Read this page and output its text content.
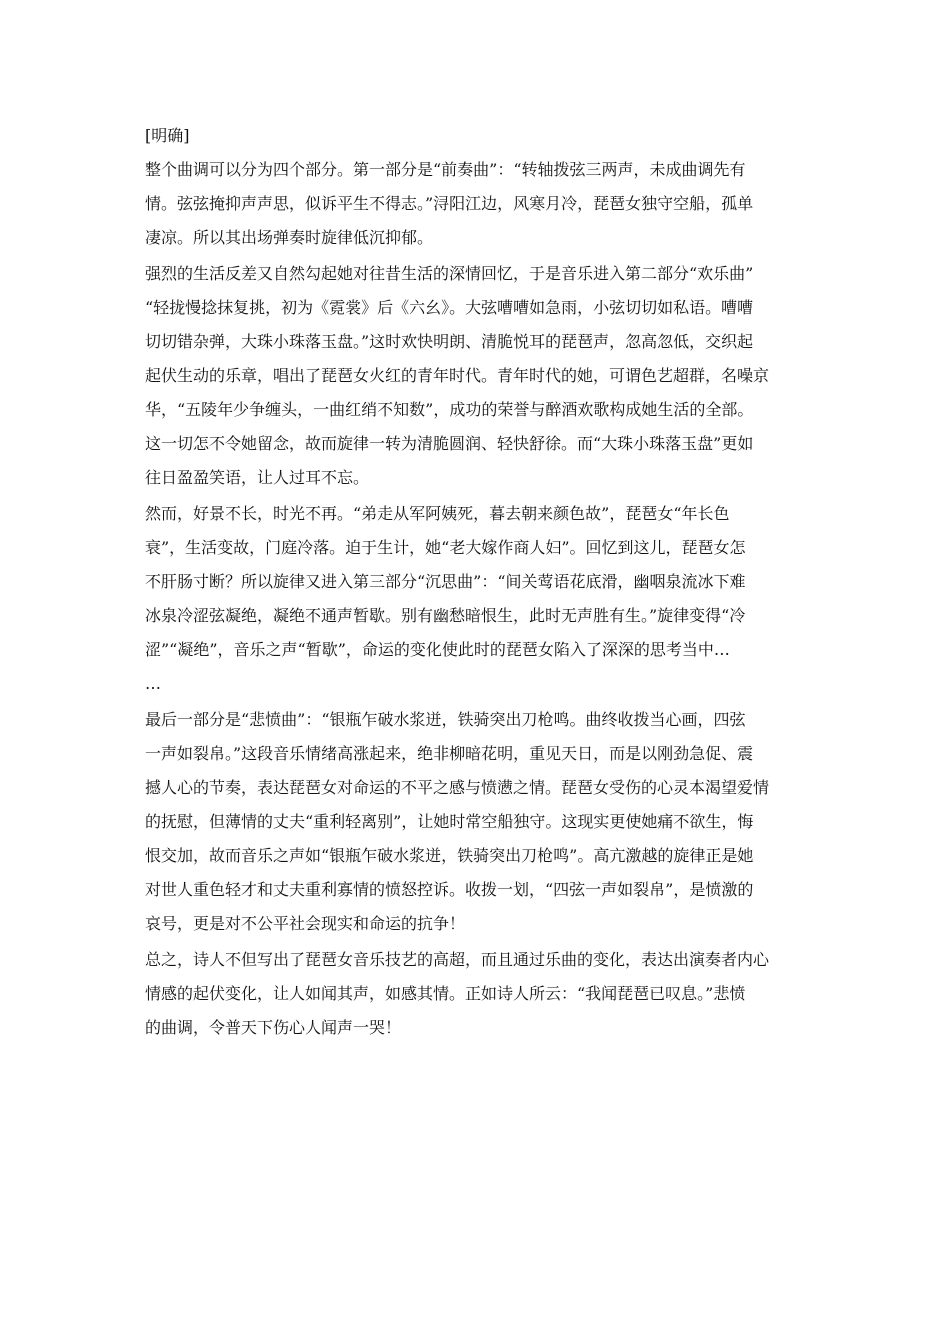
[明确]
整个曲调可以分为四个部分。第一部分是“前奏曲”：“转轴拨弦三两声，未成曲调先有
情。弦弦掩抑声声思，似诉平生不得志。”浔阳江边，风寒月冷，琵琶女独守空船，孤单
凄凉。所以其出场弹奏时旋律低沉抑郁。
强烈的生活反差又自然勾起她对往昔生活的深情回忆，于是音乐进入第二部分“欢乐曲”
“轻拢慢捻抹复挑，初为《霓裳》后《六幺》。大弦嘈嘈如急雨，小弦切切如私语。嘈嘈
切切错杂弹，大珠小珠落玉盘。”这时欢快明朗、清脆悦耳的琵琶声，忽高忽低，交织起
起伏生动的乐章，唱出了琵琶女火红的青年时代。青年时代的她，可谓色艺超群，名噪京
华，“五陵年少争缠头，一曲红绡不知数”，成功的荣誉与醉酒欢歌构成她生活的全部。
这一切怎不令她留念，故而旋律一转为清脆圆润、轻快舒徐。而“大珠小珠落玉盘”更如
往日盈盈笑语，让人过耳不忘。
然而，好景不长，时光不再。“弟走从军阿姨死，暮去朝来颜色故”，琵琶女“年长色
衰”，生活变故，门庭冷落。迫于生计，她“老大嫁作商人妇”。回忆到这儿，琵琶女怎
不肝肠寸断？所以旋律又进入第三部分“沉思曲”：“间关莺语花底滑，幽咽泉流冰下难
冰泉冷涩弦凝绝，凝绝不通声暂歇。别有幽愁暗恨生，此时无声胜有生。”旋律变得“冷
涩”“凝绝”，音乐之声“暂歇”，命运的变化使此时的琵琶女陷入了深深的思考当中…
…
最后一部分是“悲愤曲”：“银瓶乍破水浆迸，铁骑突出刀枪鸣。曲终收拨当心画，四弦
一声如裂帛。”这段音乐情绪高涨起来，绝非柳暗花明，重见天日，而是以刚劲急促、震
撼人心的节奏，表达琵琶女对命运的不平之感与愤懑之情。琵琶女受伤的心灵本渴望爱情
的抚慰，但薄情的丈夫“重利轻离别”，让她时常空船独守。这现实更使她痛不欲生，悔
恨交加，故而音乐之声如“银瓶乍破水浆迸，铁骑突出刀枪鸣”。高亢激越的旋律正是她
对世人重色轻才和丈夫重利寡情的愤怒控诉。收拨一划，“四弦一声如裂帛”，是愤激的
哀号，更是对不公平社会现实和命运的抗争！
总之，诗人不但写出了琵琶女音乐技艺的高超，而且通过乐曲的变化，表达出演奏者内心
情感的起伏变化，让人如闻其声，如感其情。正如诗人所云：“我闻琵琶已叹息。”悲愤
的曲调，令普天下伤心人闻声一哭！
